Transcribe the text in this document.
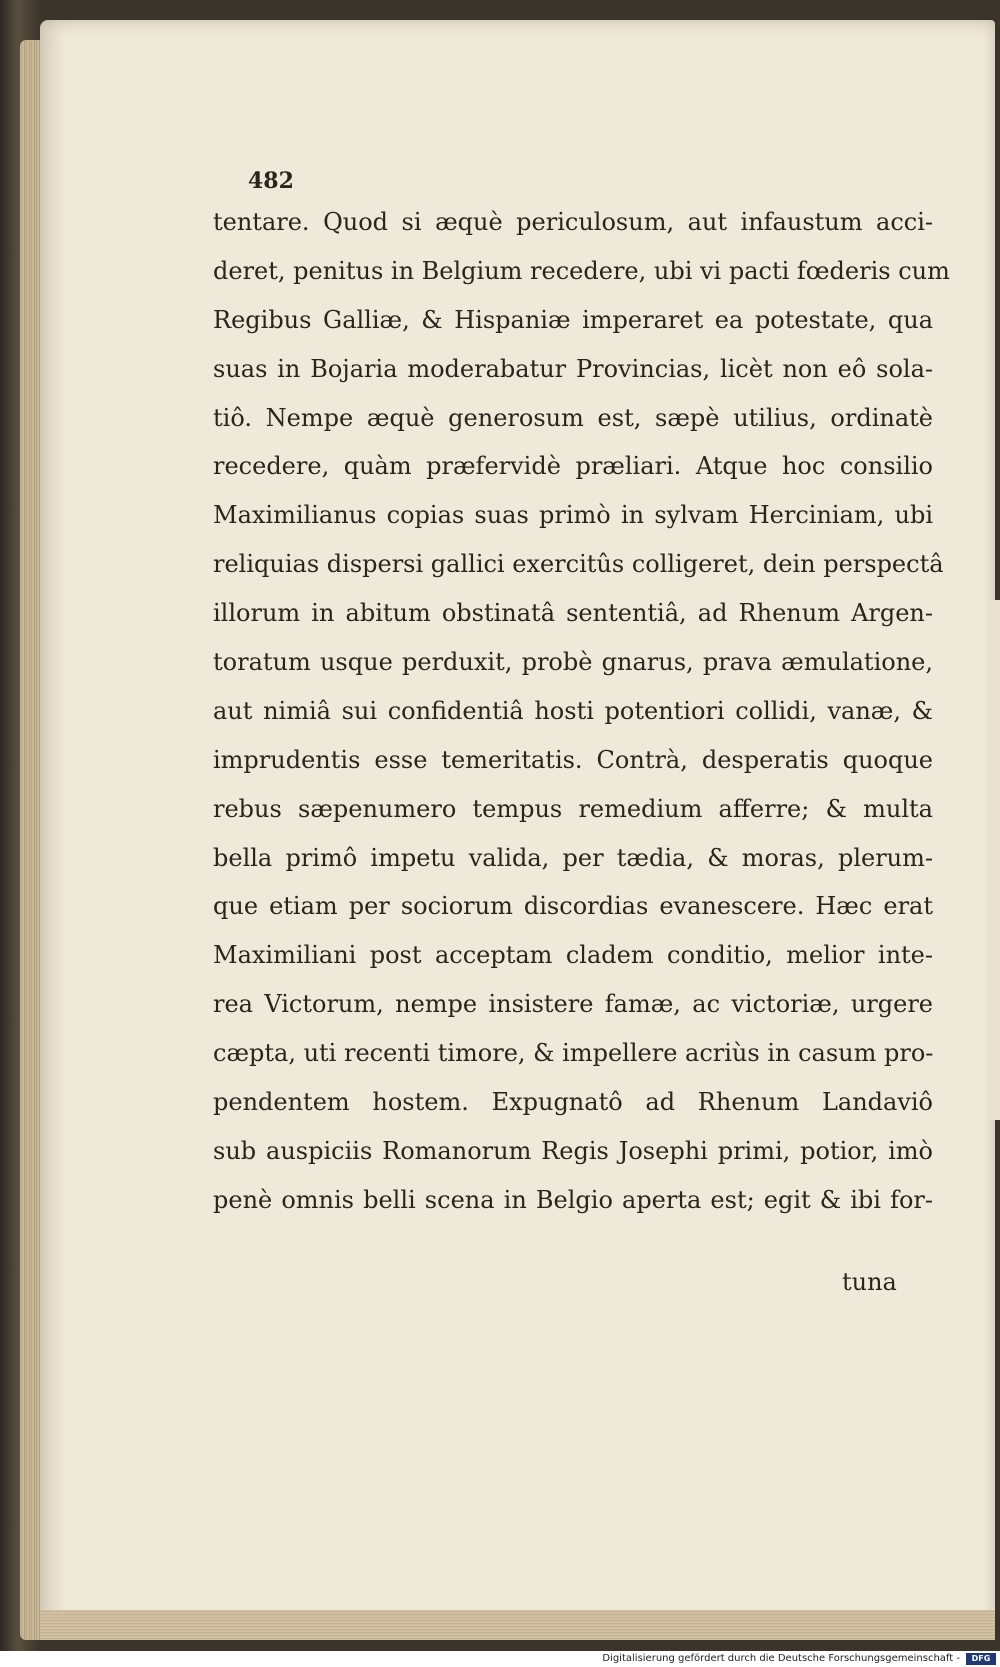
482
tentare. Quod si æquè periculosum, aut infaustum acci-
deret, penitus in Belgium recedere, ubi vi pacti fœderis cum
Regibus Galliæ, & Hispaniæ imperaret ea potestate, qua
suas in Bojaria moderabatur Provincias, licèt non eô sola-
tiô. Nempe æquè generosum est, sæpè utilius, ordinatè
recedere, quàm præfervidè præliari. Atque hoc consilio
Maximilianus copias suas primò in sylvam Herciniam, ubi
reliquias dispersi gallici exercitûs colligeret, dein perspectâ
illorum in abitum obstinatâ sententiâ, ad Rhenum Argen-
toratum usque perduxit, probè gnarus, prava æmulatione,
aut nimiâ sui confidentiâ hosti potentiori collidi, vanæ, &
imprudentis esse temeritatis. Contrà, desperatis quoque
rebus sæpenumero tempus remedium afferre; & multa
bella primô impetu valida, per tædia, & moras, plerum-
que etiam per sociorum discordias evanescere. Hæc erat
Maximiliani post acceptam cladem conditio, melior inte-
rea Victorum, nempe insistere famæ, ac victoriæ, urgere
cæpta, uti recenti timore, & impellere acriùs in casum pro-
pendentem hostem. Expugnatô ad Rhenum Landaviô
sub auspiciis Romanorum Regis Josephi primi, potior, imò
penè omnis belli scena in Belgio aperta est; egit & ibi for-
tuna
Digitalisierung gefördert durch die Deutsche Forschungsgemeinschaft -	DFG
